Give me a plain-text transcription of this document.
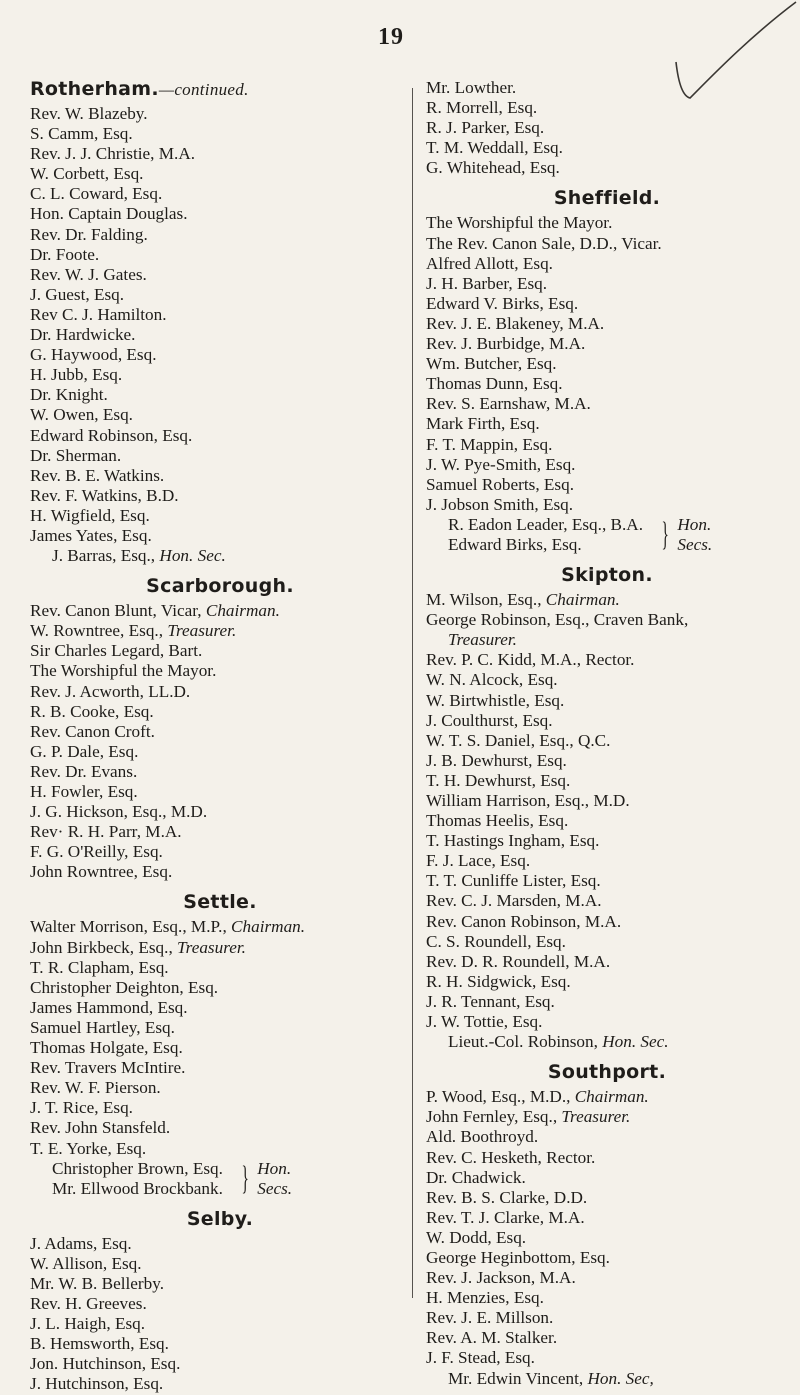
19
Rotherham.—continued.
Rev. W. Blazeby.
S. Camm, Esq.
Rev. J. J. Christie, M.A.
W. Corbett, Esq.
C. L. Coward, Esq.
Hon. Captain Douglas.
Rev. Dr. Falding.
Dr. Foote.
Rev. W. J. Gates.
J. Guest, Esq.
Rev C. J. Hamilton.
Dr. Hardwicke.
G. Haywood, Esq.
H. Jubb, Esq.
Dr. Knight.
W. Owen, Esq.
Edward Robinson, Esq.
Dr. Sherman.
Rev. B. E. Watkins.
Rev. F. Watkins, B.D.
H. Wigfield, Esq.
James Yates, Esq.
J. Barras, Esq., Hon. Sec.
Scarborough.
Rev. Canon Blunt, Vicar, Chairman.
W. Rowntree, Esq., Treasurer.
Sir Charles Legard, Bart.
The Worshipful the Mayor.
Rev. J. Acworth, LL.D.
R. B. Cooke, Esq.
Rev. Canon Croft.
G. P. Dale, Esq.
Rev. Dr. Evans.
H. Fowler, Esq.
J. G. Hickson, Esq., M.D.
Rev· R. H. Parr, M.A.
F. G. O'Reilly, Esq.
John Rowntree, Esq.
Settle.
Walter Morrison, Esq., M.P., Chairman.
John Birkbeck, Esq., Treasurer.
T. R. Clapham, Esq.
Christopher Deighton, Esq.
James Hammond, Esq.
Samuel Hartley, Esq.
Thomas Holgate, Esq.
Rev. Travers McIntire.
Rev. W. F. Pierson.
J. T. Rice, Esq.
Rev. John Stansfeld.
T. E. Yorke, Esq.
Christopher Brown, Esq.
Mr. Ellwood Brockbank. } Hon.
Secs.
Selby.
J. Adams, Esq.
W. Allison, Esq.
Mr. W. B. Bellerby.
Rev. H. Greeves.
J. L. Haigh, Esq.
B. Hemsworth, Esq.
Jon. Hutchinson, Esq.
J. Hutchinson, Esq.
Mr. Lowther.
R. Morrell, Esq.
R. J. Parker, Esq.
T. M. Weddall, Esq.
G. Whitehead, Esq.
Sheffield.
The Worshipful the Mayor.
The Rev. Canon Sale, D.D., Vicar.
Alfred Allott, Esq.
J. H. Barber, Esq.
Edward V. Birks, Esq.
Rev. J. E. Blakeney, M.A.
Rev. J. Burbidge, M.A.
Wm. Butcher, Esq.
Thomas Dunn, Esq.
Rev. S. Earnshaw, M.A.
Mark Firth, Esq.
F. T. Mappin, Esq.
J. W. Pye-Smith, Esq.
Samuel Roberts, Esq.
J. Jobson Smith, Esq.
R. Eadon Leader, Esq., B.A.
Edward Birks, Esq.	} Hon.
Secs.
Skipton.
M. Wilson, Esq., Chairman.
George Robinson, Esq., Craven Bank,
Treasurer.
Rev. P. C. Kidd, M.A., Rector.
W. N. Alcock, Esq.
W. Birtwhistle, Esq.
J. Coulthurst, Esq.
W. T. S. Daniel, Esq., Q.C.
J. B. Dewhurst, Esq.
T. H. Dewhurst, Esq.
William Harrison, Esq., M.D.
Thomas Heelis, Esq.
T. Hastings Ingham, Esq.
F. J. Lace, Esq.
T. T. Cunliffe Lister, Esq.
Rev. C. J. Marsden, M.A.
Rev. Canon Robinson, M.A.
C. S. Roundell, Esq.
Rev. D. R. Roundell, M.A.
R. H. Sidgwick, Esq.
J. R. Tennant, Esq.
J. W. Tottie, Esq.
Lieut.-Col. Robinson, Hon. Sec.
Southport.
P. Wood, Esq., M.D., Chairman.
John Fernley, Esq., Treasurer.
Ald. Boothroyd.
Rev. C. Hesketh, Rector.
Dr. Chadwick.
Rev. B. S. Clarke, D.D.
Rev. T. J. Clarke, M.A.
W. Dodd, Esq.
George Heginbottom, Esq.
Rev. J. Jackson, M.A.
H. Menzies, Esq.
Rev. J. E. Millson.
Rev. A. M. Stalker.
J. F. Stead, Esq.
Mr. Edwin Vincent, Hon. Sec,
